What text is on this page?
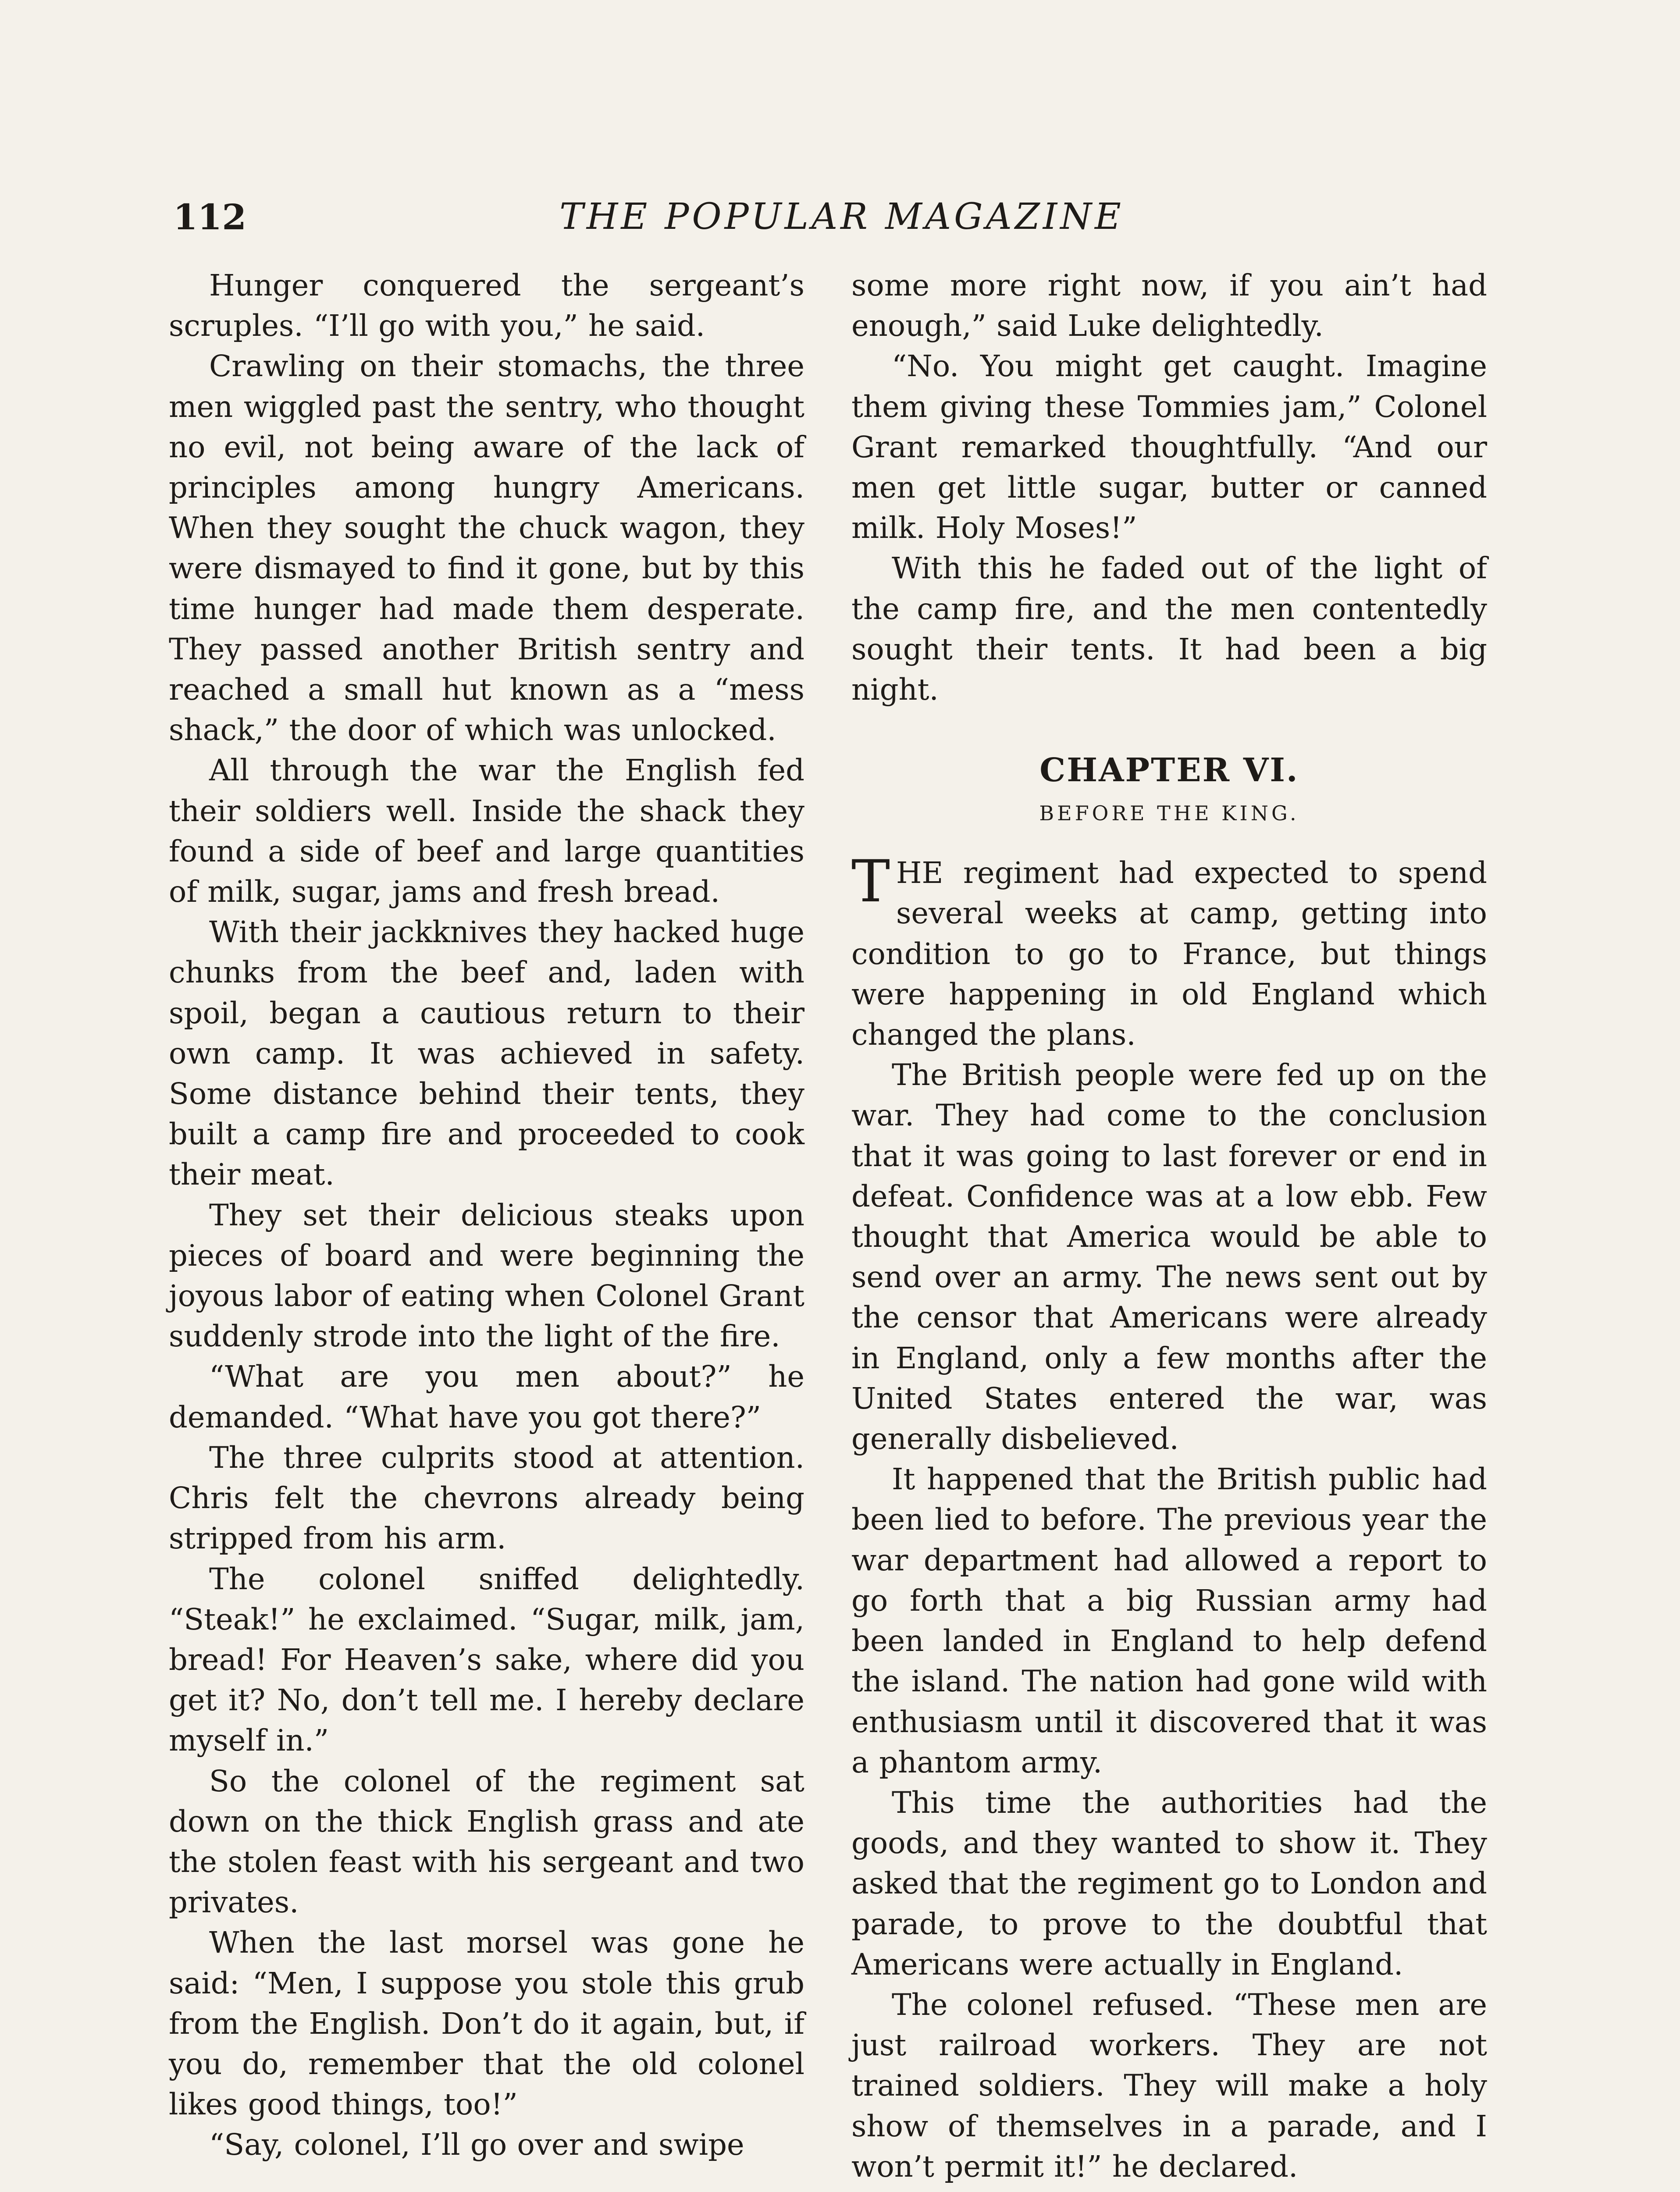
112	THE POPULAR MAGAZINE

Hunger conquered the sergeant’s scruples. “I’ll go with you,” he said.

Crawling on their stomachs, the three men wiggled past the sentry, who thought no evil, not being aware of the lack of principles among hungry Americans. When they sought the chuck wagon, they were dismayed to find it gone, but by this time hunger had made them desperate. They passed another British sentry and reached a small hut known as a “mess shack,” the door of which was unlocked.

All through the war the English fed their soldiers well. Inside the shack they found a side of beef and large quantities of milk, sugar, jams and fresh bread.

With their jackknives they hacked huge chunks from the beef and, laden with spoil, began a cautious return to their own camp. It was achieved in safety. Some distance behind their tents, they built a camp fire and proceeded to cook their meat.

They set their delicious steaks upon pieces of board and were beginning the joyous labor of eating when Colonel Grant suddenly strode into the light of the fire.

“What are you men about?” he demanded. “What have you got there?”

The three culprits stood at attention. Chris felt the chevrons already being stripped from his arm.

The colonel sniffed delightedly. “Steak!” he exclaimed. “Sugar, milk, jam, bread! For Heaven’s sake, where did you get it? No, don’t tell me. I hereby declare myself in.”

So the colonel of the regiment sat down on the thick English grass and ate the stolen feast with his sergeant and two privates.

When the last morsel was gone he said: “Men, I suppose you stole this grub from the English. Don’t do it again, but, if you do, remember that the old colonel likes good things, too!”

“Say, colonel, I’ll go over and swipe

some more right now, if you ain’t had enough,” said Luke delightedly.

“No. You might get caught. Imagine them giving these Tommies jam,” Colonel Grant remarked thoughtfully. “And our men get little sugar, butter or canned milk. Holy Moses!”

With this he faded out of the light of the camp fire, and the men contentedly sought their tents. It had been a big night.

CHAPTER VI.
BEFORE THE KING.

THE regiment had expected to spend several weeks at camp, getting into condition to go to France, but things were happening in old England which changed the plans.

The British people were fed up on the war. They had come to the conclusion that it was going to last forever or end in defeat. Confidence was at a low ebb. Few thought that America would be able to send over an army. The news sent out by the censor that Americans were already in England, only a few months after the United States entered the war, was generally disbelieved.

It happened that the British public had been lied to before. The previous year the war department had allowed a report to go forth that a big Russian army had been landed in England to help defend the island. The nation had gone wild with enthusiasm until it discovered that it was a phantom army.

This time the authorities had the goods, and they wanted to show it. They asked that the regiment go to London and parade, to prove to the doubtful that Americans were actually in England.

The colonel refused. “These men are just railroad workers. They are not trained soldiers. They will make a holy show of themselves in a parade, and I won’t permit it!” he declared.
